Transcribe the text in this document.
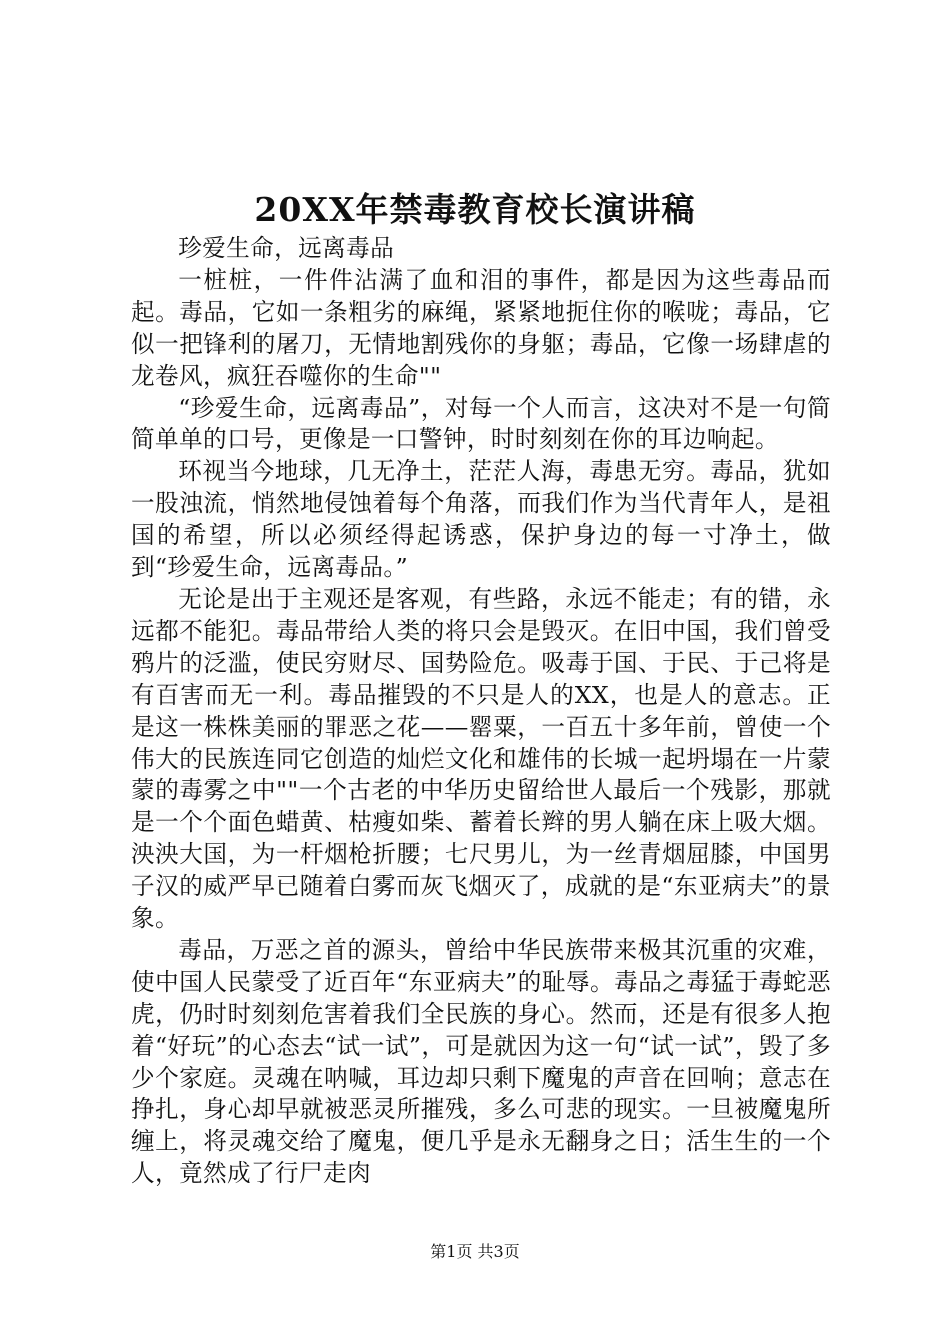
20XX年禁毒教育校长演讲稿

珍爱生命，远离毒品

一桩桩，一件件沾满了血和泪的事件，都是因为这些毒品而起。毒品，它如一条粗劣的麻绳，紧紧地扼住你的喉咙；毒品，它似一把锋利的屠刀，无情地割残你的身躯；毒品，它像一场肆虐的龙卷风，疯狂吞噬你的生命""

“珍爱生命，远离毒品”，对每一个人而言，这决对不是一句简简单单的口号，更像是一口警钟，时时刻刻在你的耳边响起。

环视当今地球，几无净土，茫茫人海，毒患无穷。毒品，犹如一股浊流，悄然地侵蚀着每个角落，而我们作为当代青年人，是祖国的希望，所以必须经得起诱惑，保护身边的每一寸净土，做到“珍爱生命，远离毒品。”

无论是出于主观还是客观，有些路，永远不能走；有的错，永远都不能犯。毒品带给人类的将只会是毁灭。在旧中国，我们曾受鸦片的泛滥，使民穷财尽、国势险危。吸毒于国、于民、于己将是有百害而无一利。毒品摧毁的不只是人的XX，也是人的意志。正是这一株株美丽的罪恶之花——罂粟，一百五十多年前，曾使一个伟大的民族连同它创造的灿烂文化和雄伟的长城一起坍塌在一片蒙蒙的毒雾之中""一个古老的中华历史留给世人最后一个残影，那就是一个个面色蜡黄、枯瘦如柴、蓄着长辫的男人躺在床上吸大烟。泱泱大国，为一杆烟枪折腰；七尺男儿，为一丝青烟屈膝，中国男子汉的威严早已随着白雾而灰飞烟灭了，成就的是“东亚病夫”的景象。

毒品，万恶之首的源头，曾给中华民族带来极其沉重的灾难，使中国人民蒙受了近百年“东亚病夫”的耻辱。毒品之毒猛于毒蛇恶虎，仍时时刻刻危害着我们全民族的身心。然而，还是有很多人抱着“好玩”的心态去“试一试”，可是就因为这一句“试一试”，毁了多少个家庭。灵魂在呐喊，耳边却只剩下魔鬼的声音在回响；意志在挣扎，身心却早就被恶灵所摧残，多么可悲的现实。一旦被魔鬼所缠上，将灵魂交给了魔鬼，便几乎是永无翻身之日；活生生的一个人，竟然成了行尸走肉

第1页 共3页
